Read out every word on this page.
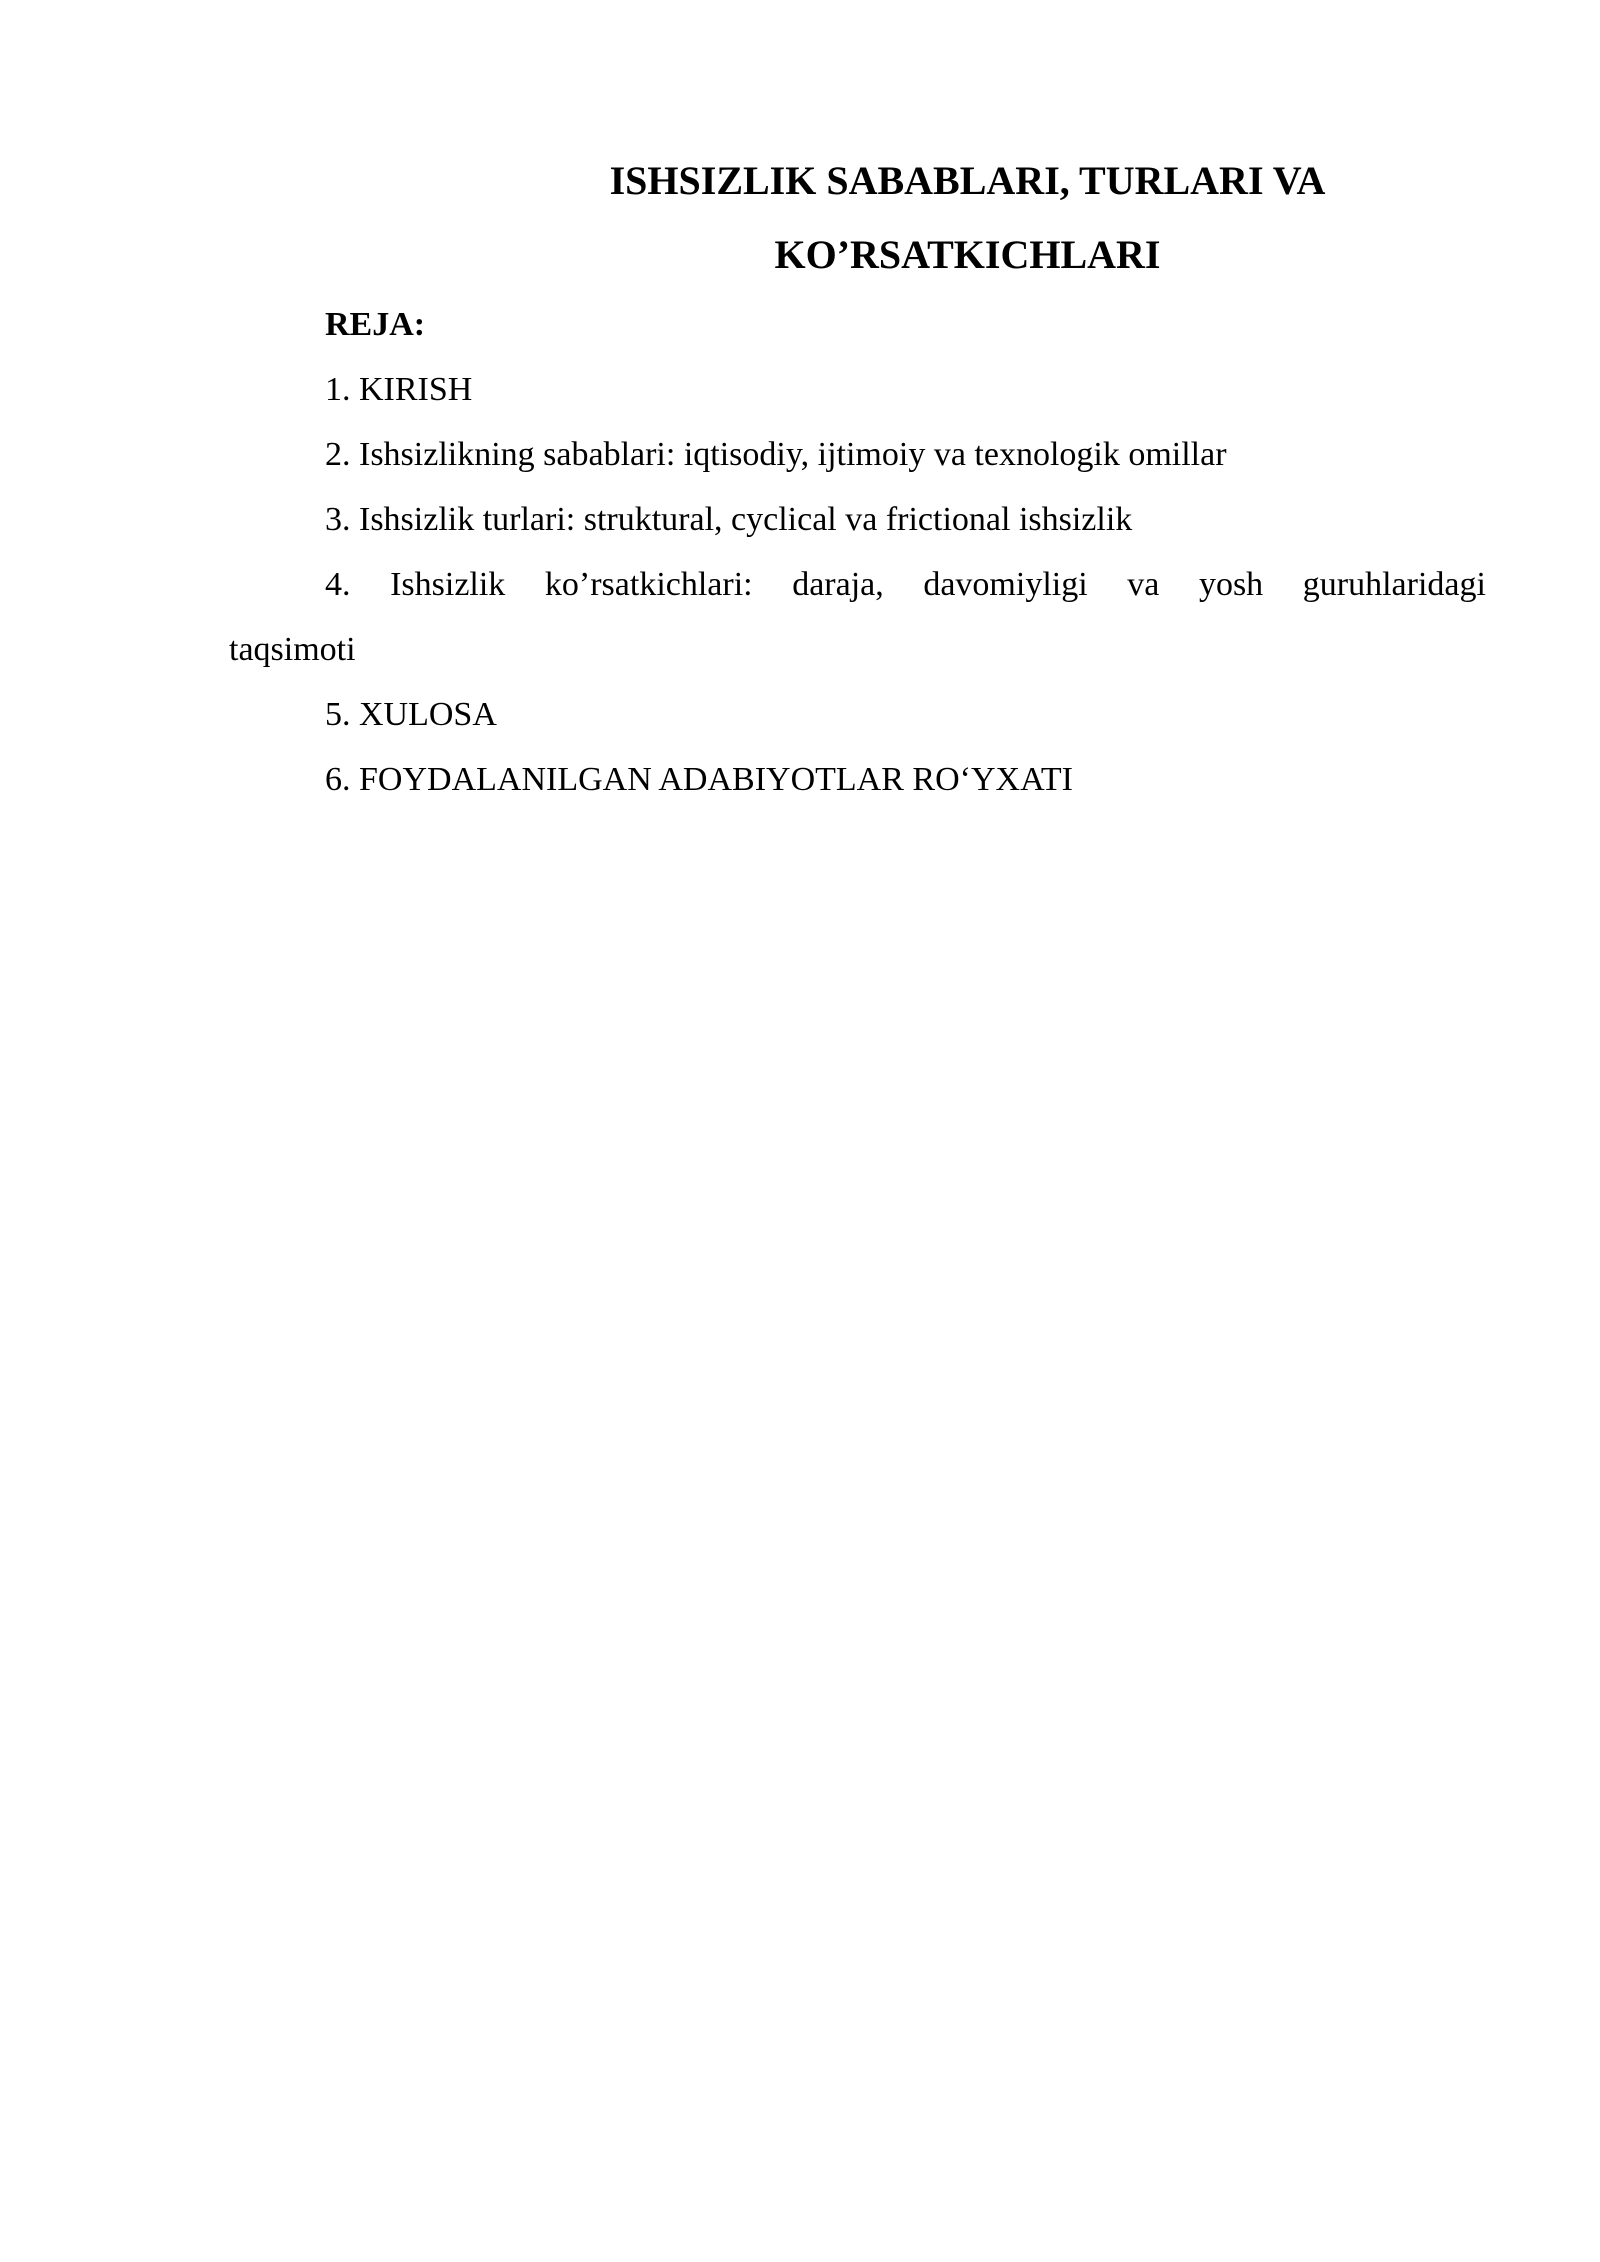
ISHSIZLIK SABABLARI, TURLARI VA
KO’RSATKICHLARI

REJA:

1. KIRISH

2. Ishsizlikning sabablari: iqtisodiy, ijtimoiy va texnologik omillar

3. Ishsizlik turlari: struktural, cyclical va frictional ishsizlik

4. Ishsizlik ko’rsatkichlari: daraja, davomiyligi va yosh guruhlaridagi

taqsimoti

5. XULOSA

6. FOYDALANILGAN ADABIYOTLAR RO‘YXATI
